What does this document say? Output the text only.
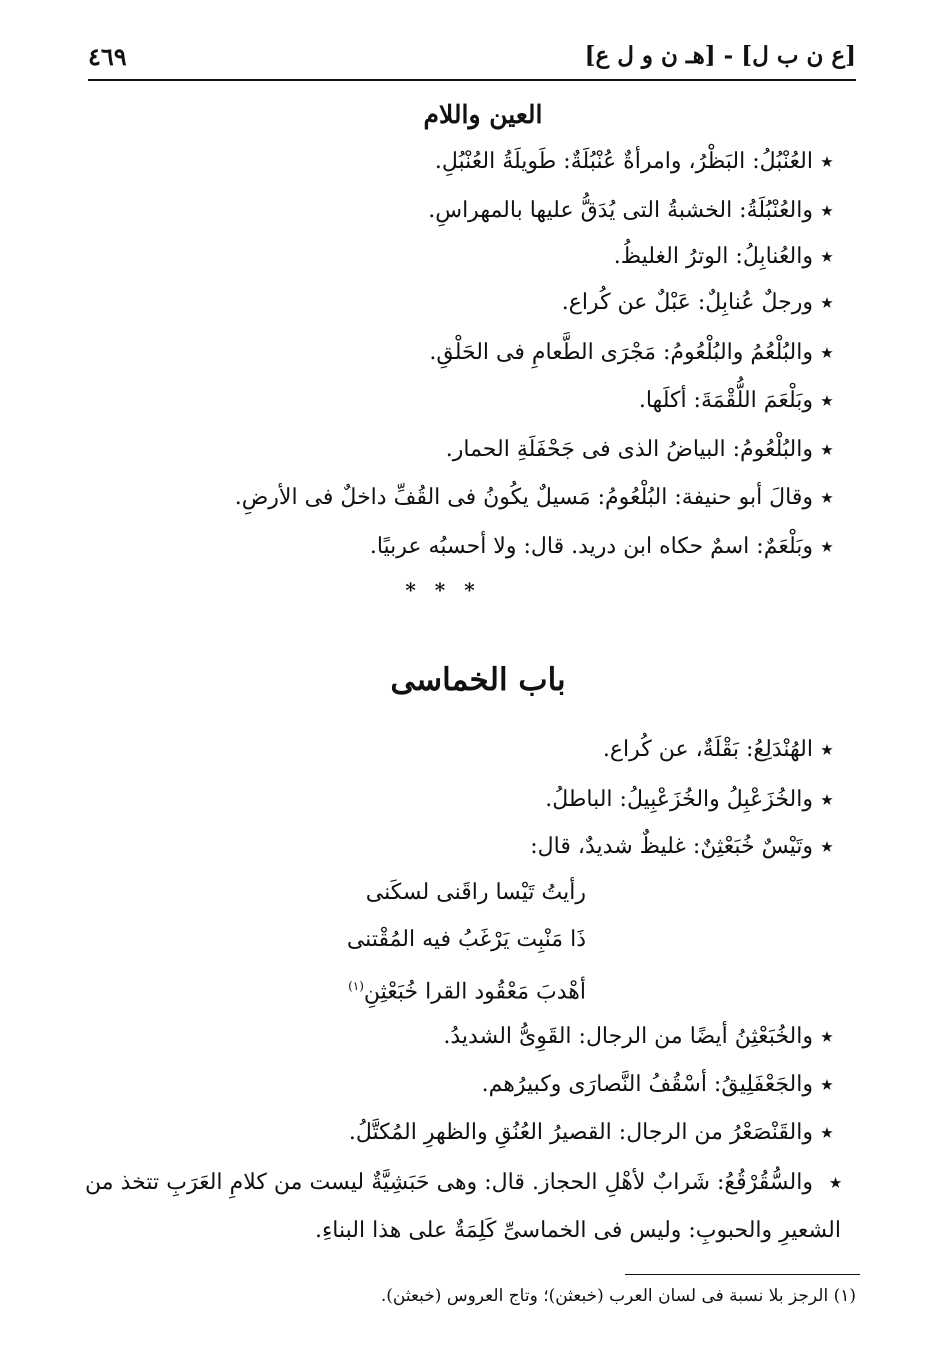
٤٦٩	[ع ن ب ل] - [هـ ن و ل ع]
العين واللام
٭العُنْبُلُ: البَظْرُ، وامرأةٌ عُنْبُلَةٌ: طَويلَةُ العُنْبُلِ.
٭والعُنْبُلَةُ: الخشبةُ التى يُدَقُّ عليها بالمهراسِ.
٭والعُنابِلُ: الوترُ الغليظُ.
٭ورجلٌ عُنابِلٌ: عَبْلٌ عن كُراع.
٭والبُلْعُمُ والبُلْعُومُ: مَجْرَى الطَّعامِ فى الحَلْقِ.
٭وبَلْعَمَ اللُّقْمَةَ: أكلَها.
٭والبُلْعُومُ: البياضُ الذى فى جَحْفَلَةِ الحمار.
٭وقالَ أبو حنيفة: البُلْعُومُ: مَسيلٌ يكُونُ فى القُفِّ داخلٌ فى الأرضِ.
٭وبَلْعَمٌ: اسمٌ حكاه ابن دريد. قال: ولا أحسبُه عربيًا.
* * *
باب الخماسى
٭الهُنْدَلِعُ: بَقْلَةٌ، عن كُراع.
٭والخُزَعْبِلُ والخُزَعْبِيلُ: الباطلُ.
٭وتَيْسٌ خُبَعْثِنٌ: غليظٌ شديدٌ، قال:
رأيتُ تَيْسا راقَنى لسكَنى
ذَا مَنْبِت يَرْغَبُ فيه المُقْتنى
أهْدبَ مَعْقُود القرا خُبَعْثِنِ$^{(١)}$
٭والخُبَعْثِنُ أيضًا من الرجال: القَوِىُّ الشديدُ.
٭والجَعْفَلِيقُ: أسْقُفُ النَّصارَى وكبيرُهم.
٭والقَنْصَعْرُ من الرجال: القصيرُ العُنُقِ والظهرِ المُكتَّلُ.
٭والسُّقُرْقُعُ: شَرابٌ لأهْلِ الحجاز. قال: وهى حَبَشِيَّةٌ ليست من كلامِ العَرَبِ تتخذ من الشعيرِ والحبوبِ: وليس فى الخماسىِّ كَلِمَةٌ على هذا البناءِ.
(١) الرجز بلا نسبة فى لسان العرب (خبعثن)؛ وتاج العروس (خبعثن).
